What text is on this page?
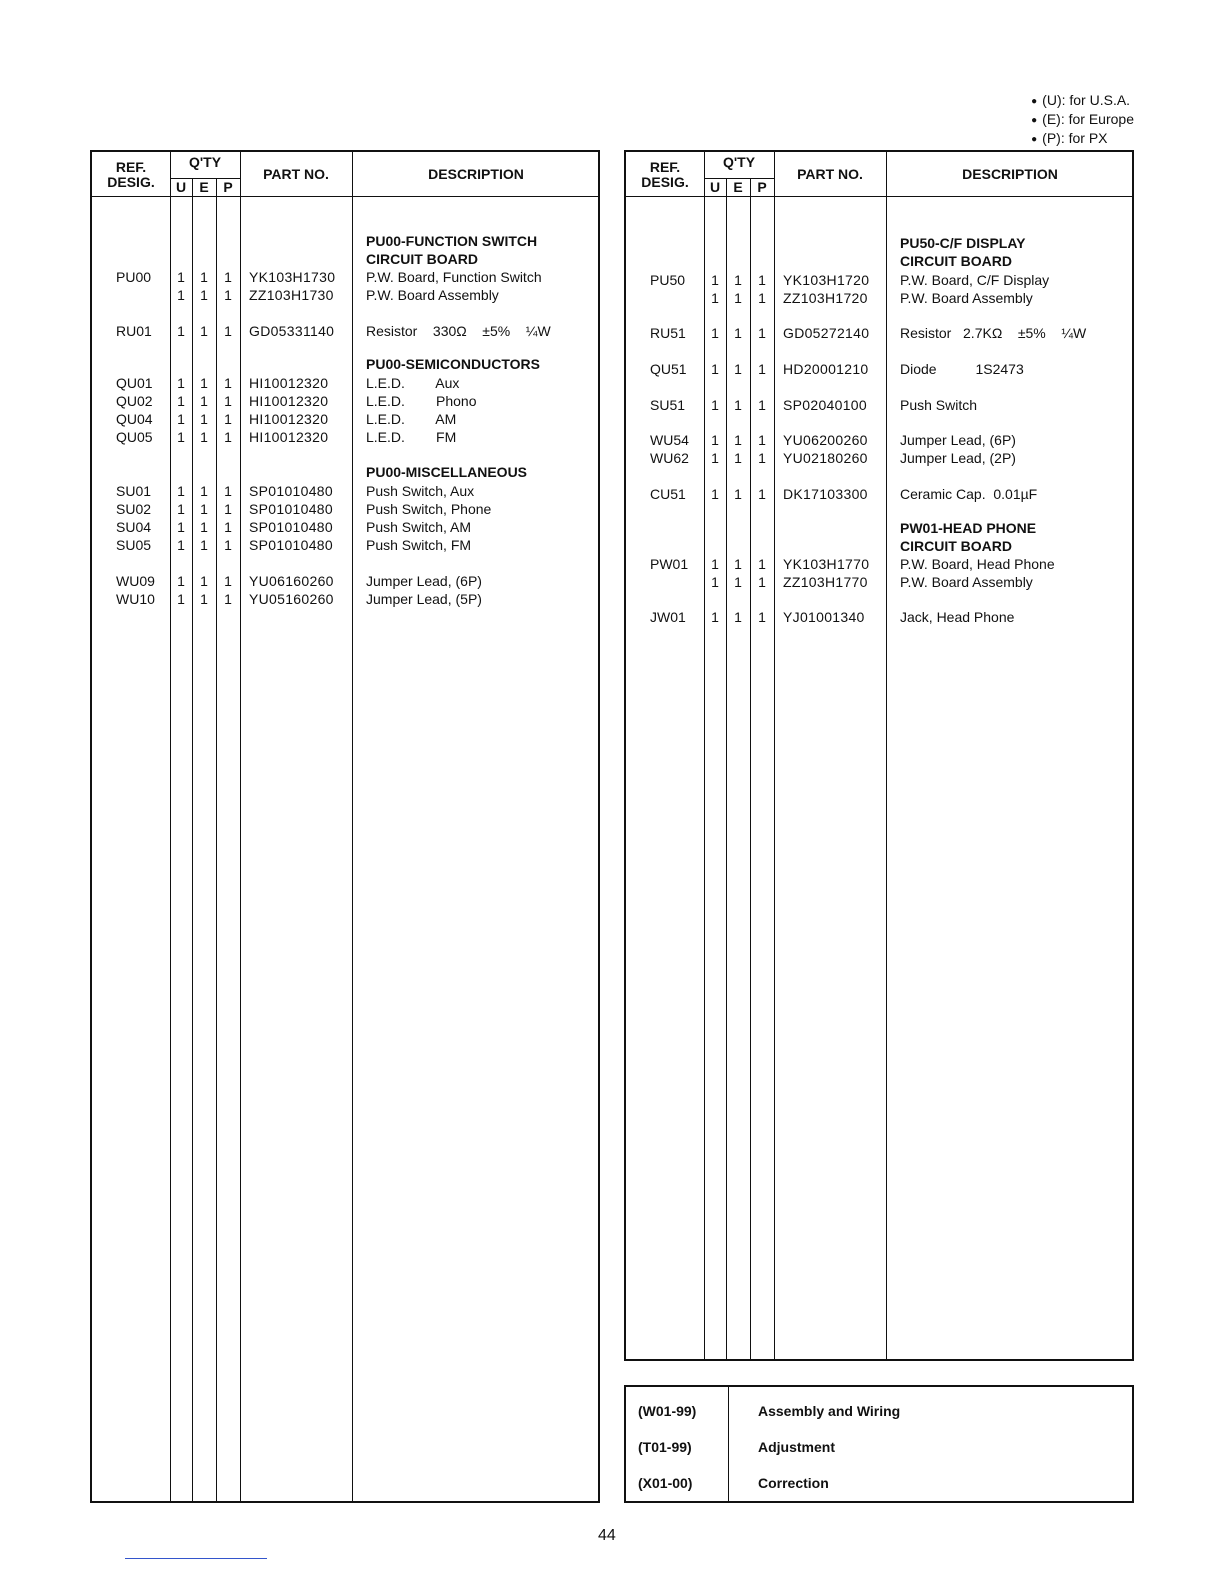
● (U): for U.S.A.
● (E): for Europe
● (P): for PX
REF.
DESIG.
Q'TY
U E	P
PART NO.	DESCRIPTION
PU00-FUNCTION SWITCH
CIRCUIT BOARD
PU00-SEMICONDUCTORS
PU00-MISCELLANEOUS
PU00	1	1	1	YK103H1730 P.W. Board, Function Switch
1	1	1	ZZ103H1730 P.W. Board Assembly
RU01	1	1	1	GD05331140 Resistor    330Ω    ±5%    ¼W
QU01	1	1	1	HI10012320	L.E.D.        Aux
QU02	1	1	1	HI10012320	L.E.D.        Phono
QU04	1	1	1	HI10012320	L.E.D.        AM
QU05	1	1	1	HI10012320	L.E.D.        FM
SU01	1	1	1	SP01010480 Push Switch, Aux
SU02	1	1	1	SP01010480 Push Switch, Phone
SU04	1	1	1	SP01010480 Push Switch, AM
SU05	1	1	1	SP01010480 Push Switch, FM
WU09	1	1	1	YU06160260 Jumper Lead, (6P)
WU10	1	1	1	YU05160260 Jumper Lead, (5P)
REF.
DESIG.
Q'TY
U E	P
PART NO.	DESCRIPTION
PU50-C/F DISPLAY
CIRCUIT BOARD
PW01-HEAD PHONE
CIRCUIT BOARD
PU50	1	1	1	YK103H1720 P.W. Board, C/F Display
1	1	1	ZZ103H1720 P.W. Board Assembly
RU51	1	1	1	GD05272140 Resistor   2.7KΩ    ±5%    ¼W
QU51	1	1	1	HD20001210 Diode          1S2473
SU51	1	1	1	SP02040100 Push Switch
WU54	1	1	1	YU06200260 Jumper Lead, (6P)
WU62	1	1	1	YU02180260 Jumper Lead, (2P)
CU51	1	1	1	DK17103300 Ceramic Cap.  0.01µF
PW01	1	1	1	YK103H1770 P.W. Board, Head Phone
1	1	1	ZZ103H1770 P.W. Board Assembly
JW01	1	1	1	YJ01001340	Jack, Head Phone
(W01-99)	Assembly and Wiring
(T01-99)	Adjustment
(X01-00)	Correction
44
